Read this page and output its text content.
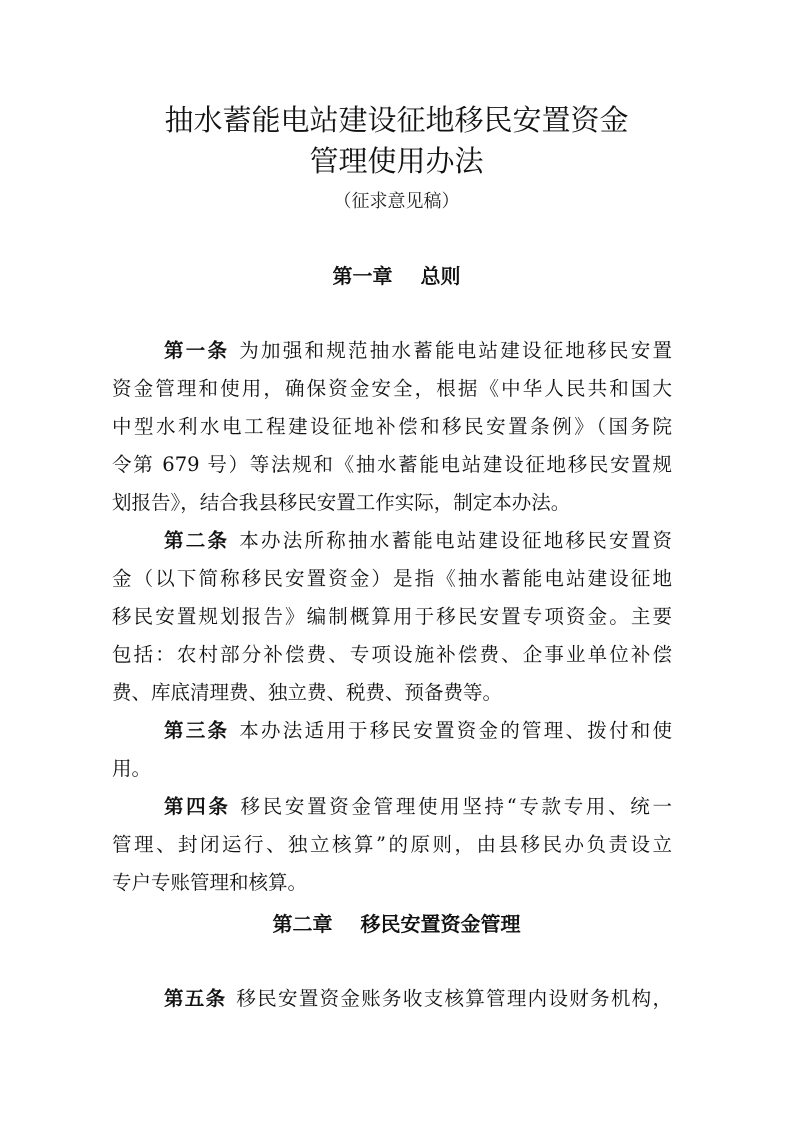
抽水蓄能电站建设征地移民安置资金
管理使用办法
（征求意见稿）
第一章 总则
第一条 为加强和规范抽水蓄能电站建设征地移民安置
资金管理和使用，确保资金安全，根据《中华人民共和国大
中型水利水电工程建设征地补偿和移民安置条例》（国务院
令第 679 号）等法规和《抽水蓄能电站建设征地移民安置规
划报告》，结合我县移民安置工作实际，制定本办法。
第二条 本办法所称抽水蓄能电站建设征地移民安置资
金（以下简称移民安置资金）是指《抽水蓄能电站建设征地
移民安置规划报告》编制概算用于移民安置专项资金。主要
包括：农村部分补偿费、专项设施补偿费、企事业单位补偿
费、库底清理费、独立费、税费、预备费等。
第三条 本办法适用于移民安置资金的管理、拨付和使
用。
第四条 移民安置资金管理使用坚持“专款专用、统一
管理、封闭运行、独立核算”的原则，由县移民办负责设立
专户专账管理和核算。
第二章 移民安置资金管理
第五条 移民安置资金账务收支核算管理内设财务机构，
